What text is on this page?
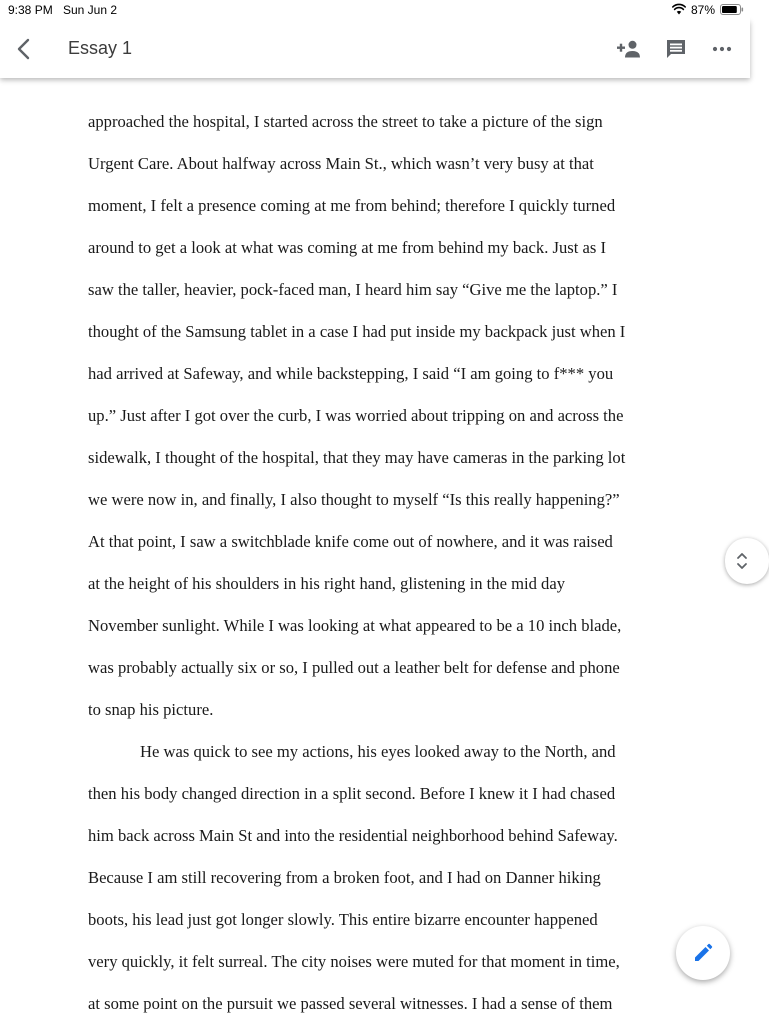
9:38 PM Sun Jun 2	87%
Essay 1

approached the hospital, I started across the street to take a picture of the sign
Urgent Care. About halfway across Main St., which wasn’t very busy at that
moment, I felt a presence coming at me from behind; therefore I quickly turned
around to get a look at what was coming at me from behind my back. Just as I
saw the taller, heavier, pock-faced man, I heard him say “Give me the laptop.” I
thought of the Samsung tablet in a case I had put inside my backpack just when I
had arrived at Safeway, and while backstepping, I said “I am going to f*** you
up.” Just after I got over the curb, I was worried about tripping on and across the
sidewalk, I thought of the hospital, that they may have cameras in the parking lot
we were now in, and finally, I also thought to myself “Is this really happening?”
At that point, I saw a switchblade knife come out of nowhere, and it was raised
at the height of his shoulders in his right hand, glistening in the mid day
November sunlight. While I was looking at what appeared to be a 10 inch blade,
was probably actually six or so, I pulled out a leather belt for defense and phone
to snap his picture.

He was quick to see my actions, his eyes looked away to the North, and
then his body changed direction in a split second. Before I knew it I had chased
him back across Main St and into the residential neighborhood behind Safeway.
Because I am still recovering from a broken foot, and I had on Danner hiking
boots, his lead just got longer slowly. This entire bizarre encounter happened
very quickly, it felt surreal. The city noises were muted for that moment in time,
at some point on the pursuit we passed several witnesses. I had a sense of them
